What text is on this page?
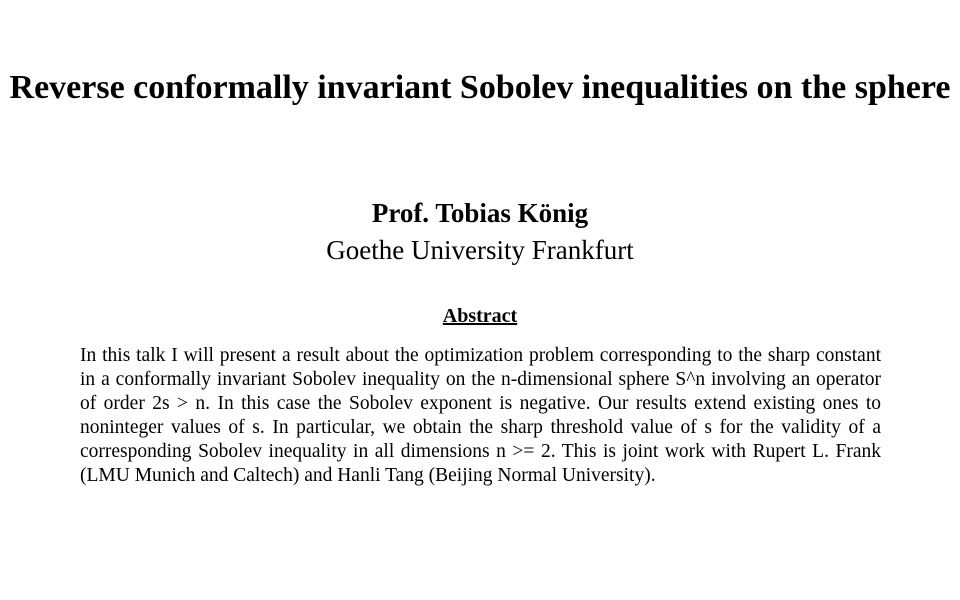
Reverse conformally invariant Sobolev inequalities on the sphere
Prof. Tobias König
Goethe University Frankfurt
Abstract

In this talk I will present a result about the optimization problem corresponding to the sharp constant in a conformally invariant Sobolev inequality on the n-dimensional sphere S^n involving an operator of order 2s > n. In this case the Sobolev exponent is negative. Our results extend existing ones to noninteger values of s. In particular, we obtain the sharp threshold value of s for the validity of a corresponding Sobolev inequality in all dimensions n >= 2. This is joint work with Rupert L. Frank (LMU Munich and Caltech) and Hanli Tang (Beijing Normal University).
